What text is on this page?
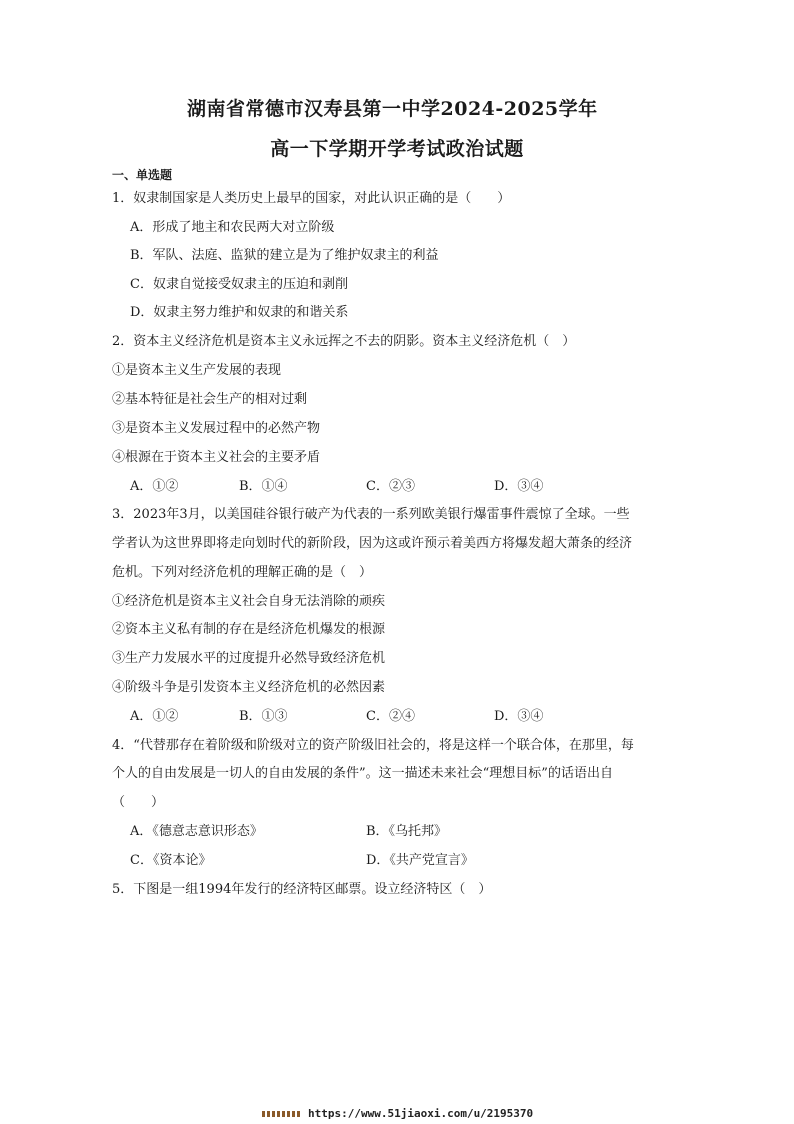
湖南省常德市汉寿县第一中学2024-2025学年
高一下学期开学考试政治试题
一、单选题
1．奴隶制国家是人类历史上最早的国家，对此认识正确的是（　　）
A．形成了地主和农民两大对立阶级
B．军队、法庭、监狱的建立是为了维护奴隶主的利益
C．奴隶自觉接受奴隶主的压迫和剥削
D．奴隶主努力维护和奴隶的和谐关系
2．资本主义经济危机是资本主义永远挥之不去的阴影。资本主义经济危机（　）
①是资本主义生产发展的表现
②基本特征是社会生产的相对过剩
③是资本主义发展过程中的必然产物
④根源在于资本主义社会的主要矛盾
A．①②	B．①④	C．②③	D．③④
3．2023年3月，以美国硅谷银行破产为代表的一系列欧美银行爆雷事件震惊了全球。一些
学者认为这世界即将走向划时代的新阶段，因为这或许预示着美西方将爆发超大萧条的经济
危机。下列对经济危机的理解正确的是（　）
①经济危机是资本主义社会自身无法消除的顽疾
②资本主义私有制的存在是经济危机爆发的根源
③生产力发展水平的过度提升必然导致经济危机
④阶级斗争是引发资本主义经济危机的必然因素
A．①②	B．①③	C．②④	D．③④
4．“代替那存在着阶级和阶级对立的资产阶级旧社会的，将是这样一个联合体，在那里，每
个人的自由发展是一切人的自由发展的条件”。这一描述未来社会“理想目标”的话语出自
（　　）
A．《德意志意识形态》	B．《乌托邦》
C．《资本论》	D．《共产党宣言》
5．下图是一组1994年发行的经济特区邮票。设立经济特区（　）
https://www.51jiaoxi.com/u/2195370
